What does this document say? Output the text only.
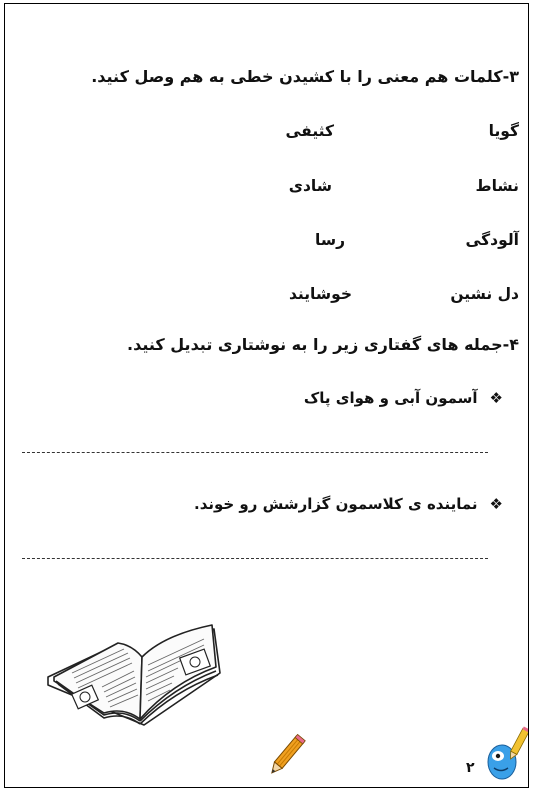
۳-کلمات هم معنی را با کشیدن خطی به هم وصل کنید.
گویا
کثیفی
نشاط
شادی
آلودگی
رسا
دل نشین
خوشایند
۴-جمله های گفتاری زیر را به نوشتاری تبدیل کنید.
❖آسمون آبی و هوای پاک
❖نماینده ی کلاسمون گزارشش رو خوند.
۲
